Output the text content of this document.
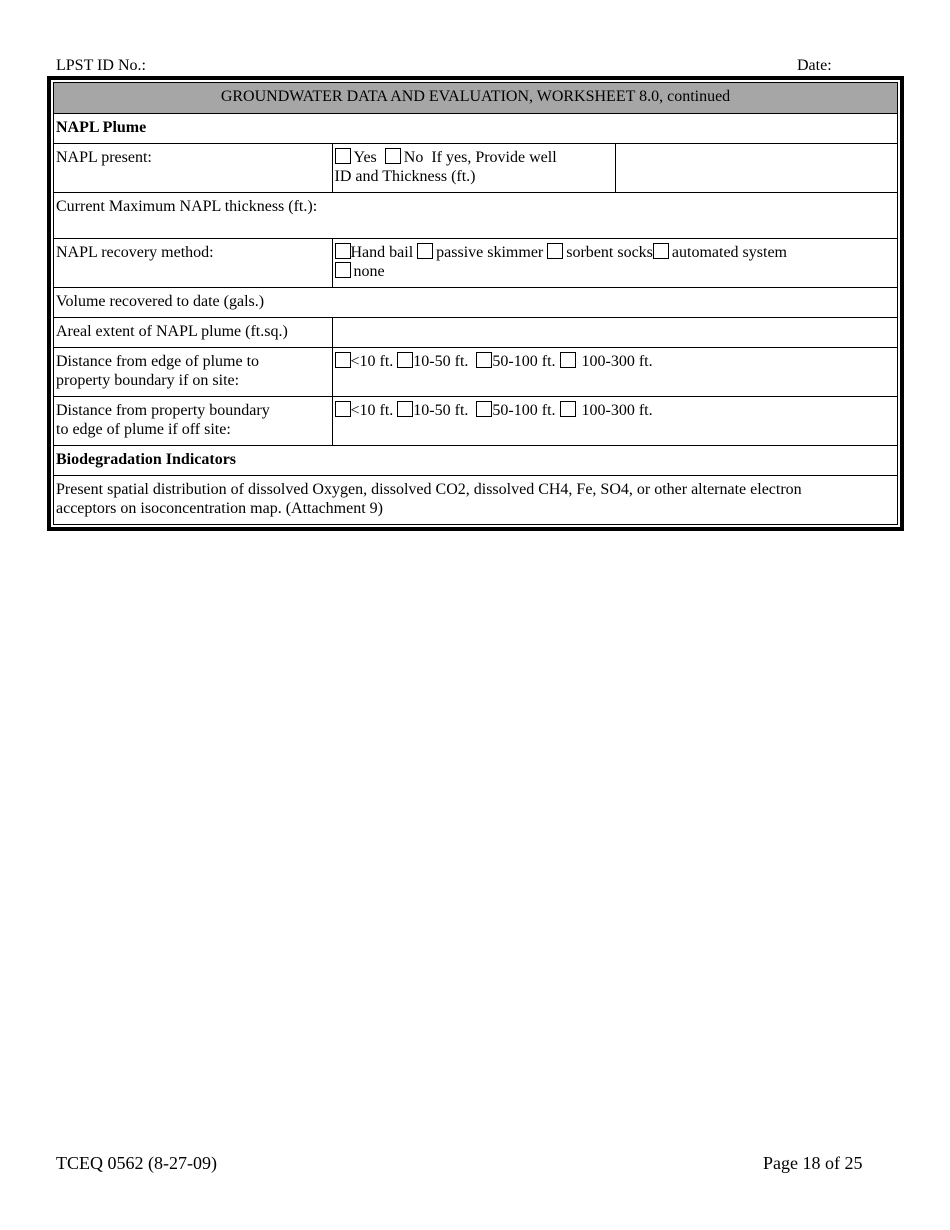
LPST ID No.:	Date:
GROUNDWATER DATA AND EVALUATION, WORKSHEET 8.0, continued		
NAPL Plume		
NAPL present:	Yes No If yes, Provide well
ID and Thickness (ft.)	
Current Maximum NAPL thickness (ft.):		
NAPL recovery method:	Hand bail passive skimmer sorbent socks automated system
none	
Volume recovered to date (gals.)		
Areal extent of NAPL plume (ft.sq.)		
Distance from edge of plume to
property boundary if on site:	<10 ft. 10-50 ft. 50-100 ft. 100-300 ft.	
Distance from property boundary
to edge of plume if off site:	<10 ft. 10-50 ft. 50-100 ft. 100-300 ft.	
Biodegradation Indicators		
Present spatial distribution of dissolved Oxygen, dissolved CO2, dissolved CH4, Fe, SO4, or other alternate electron
acceptors on isoconcentration map. (Attachment 9)		
TCEQ 0562 (8-27-09)	Page 18 of 25
